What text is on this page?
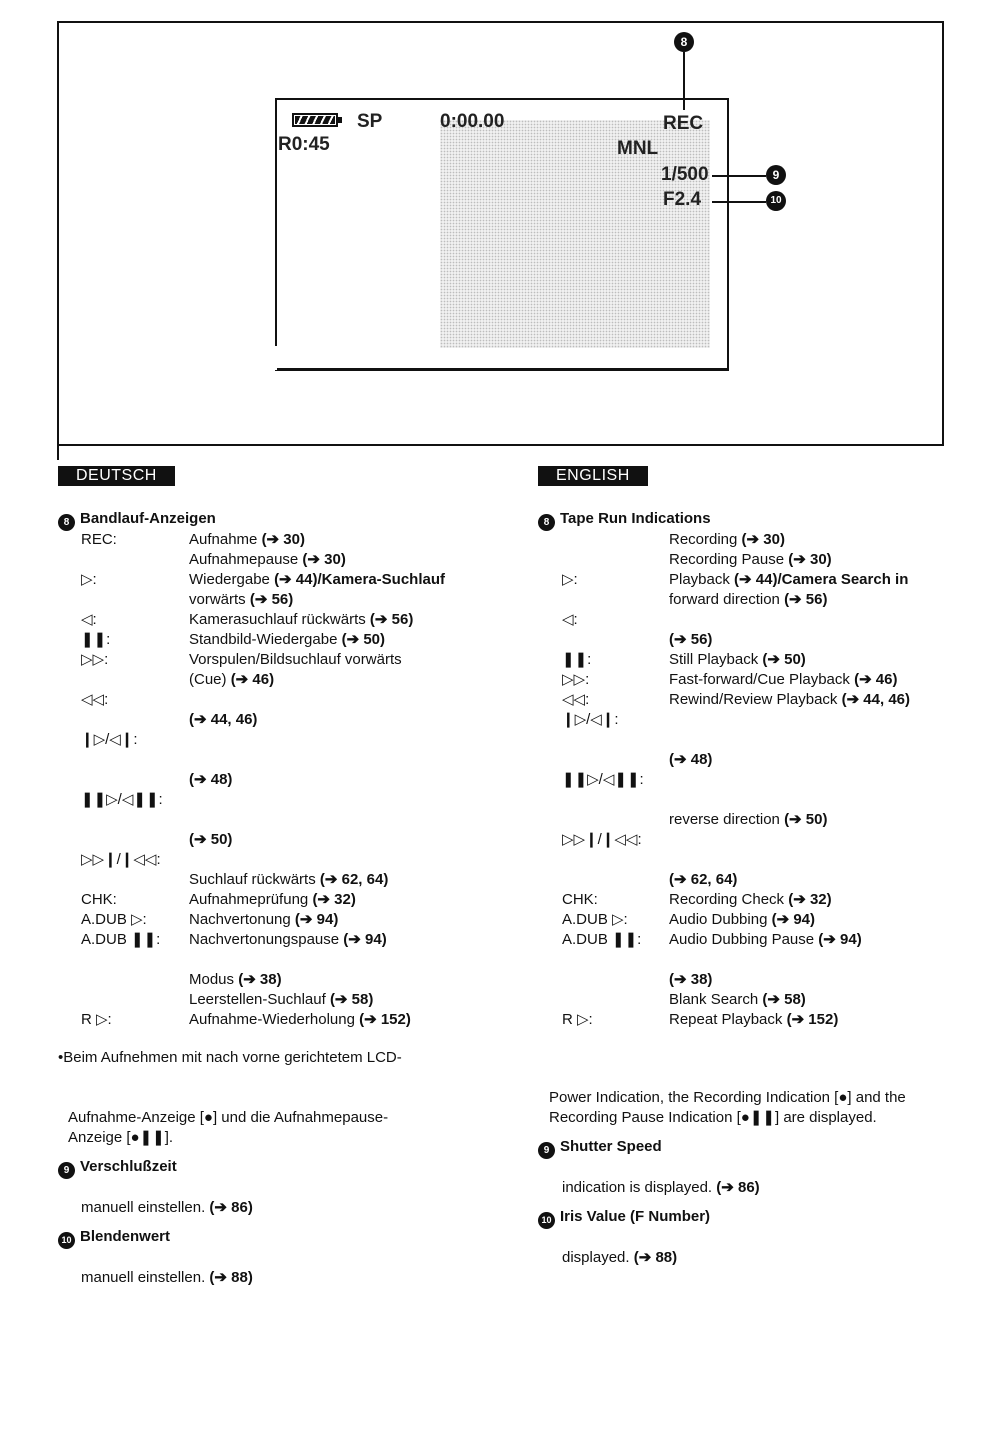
SP
R0:45
0:00.00	REC
MNL
1/500
F2.4
8
9
10
DEUTSCH
8 Bandlauf-Anzeigen
REC:	Aufnahme (➔ 30)
Aufnahmepause (➔ 30)
▷:	Wiedergabe (➔ 44)/Kamera-Suchlauf
vorwärts (➔ 56)
◁:	Kamerasuchlauf rückwärts (➔ 56)
❚❚:	Standbild-Wiedergabe (➔ 50)
▷▷:	Vorspulen/Bildsuchlauf vorwärts
(Cue) (➔ 46)
◁◁:
(➔ 44, 46)
❙▷/◁❙:
(➔ 48)
❚❚▷/◁❚❚:
(➔ 50)
▷▷❙/❙◁◁:
Suchlauf rückwärts (➔ 62, 64)
CHK:	Aufnahmeprüfung (➔ 32)
A.DUB ▷:	Nachvertonung (➔ 94)
A.DUB ❚❚: Nachvertonungspause (➔ 94)
Modus (➔ 38)
Leerstellen-Suchlauf (➔ 58)
R ▷:	Aufnahme-Wiederholung (➔ 152)
•Beim Aufnehmen mit nach vorne gerichtetem LCD-
Aufnahme-Anzeige [●] und die Aufnahmepause-
Anzeige [●❚❚].
9 Verschlußzeit
manuell einstellen. (➔ 86)
10 Blendenwert
manuell einstellen. (➔ 88)
ENGLISH
8 Tape Run Indications
Recording (➔ 30)
Recording Pause (➔ 30)
▷:	Playback (➔ 44)/Camera Search in
forward direction (➔ 56)
◁:
(➔ 56)
❚❚:	Still Playback (➔ 50)
▷▷:	Fast-forward/Cue Playback (➔ 46)
◁◁:	Rewind/Review Playback (➔ 44, 46)
❙▷/◁❙:
(➔ 48)
❚❚▷/◁❚❚:
reverse direction (➔ 50)
▷▷❙/❙◁◁:
(➔ 62, 64)
CHK:	Recording Check (➔ 32)
A.DUB ▷:	Audio Dubbing (➔ 94)
A.DUB ❚❚: Audio Dubbing Pause (➔ 94)
(➔ 38)
Blank Search (➔ 58)
R ▷:	Repeat Playback (➔ 152)
Power Indication, the Recording Indication [●] and the
Recording Pause Indication [●❚❚] are displayed.
9 Shutter Speed
indication is displayed. (➔ 86)
10 Iris Value (F Number)
displayed. (➔ 88)
